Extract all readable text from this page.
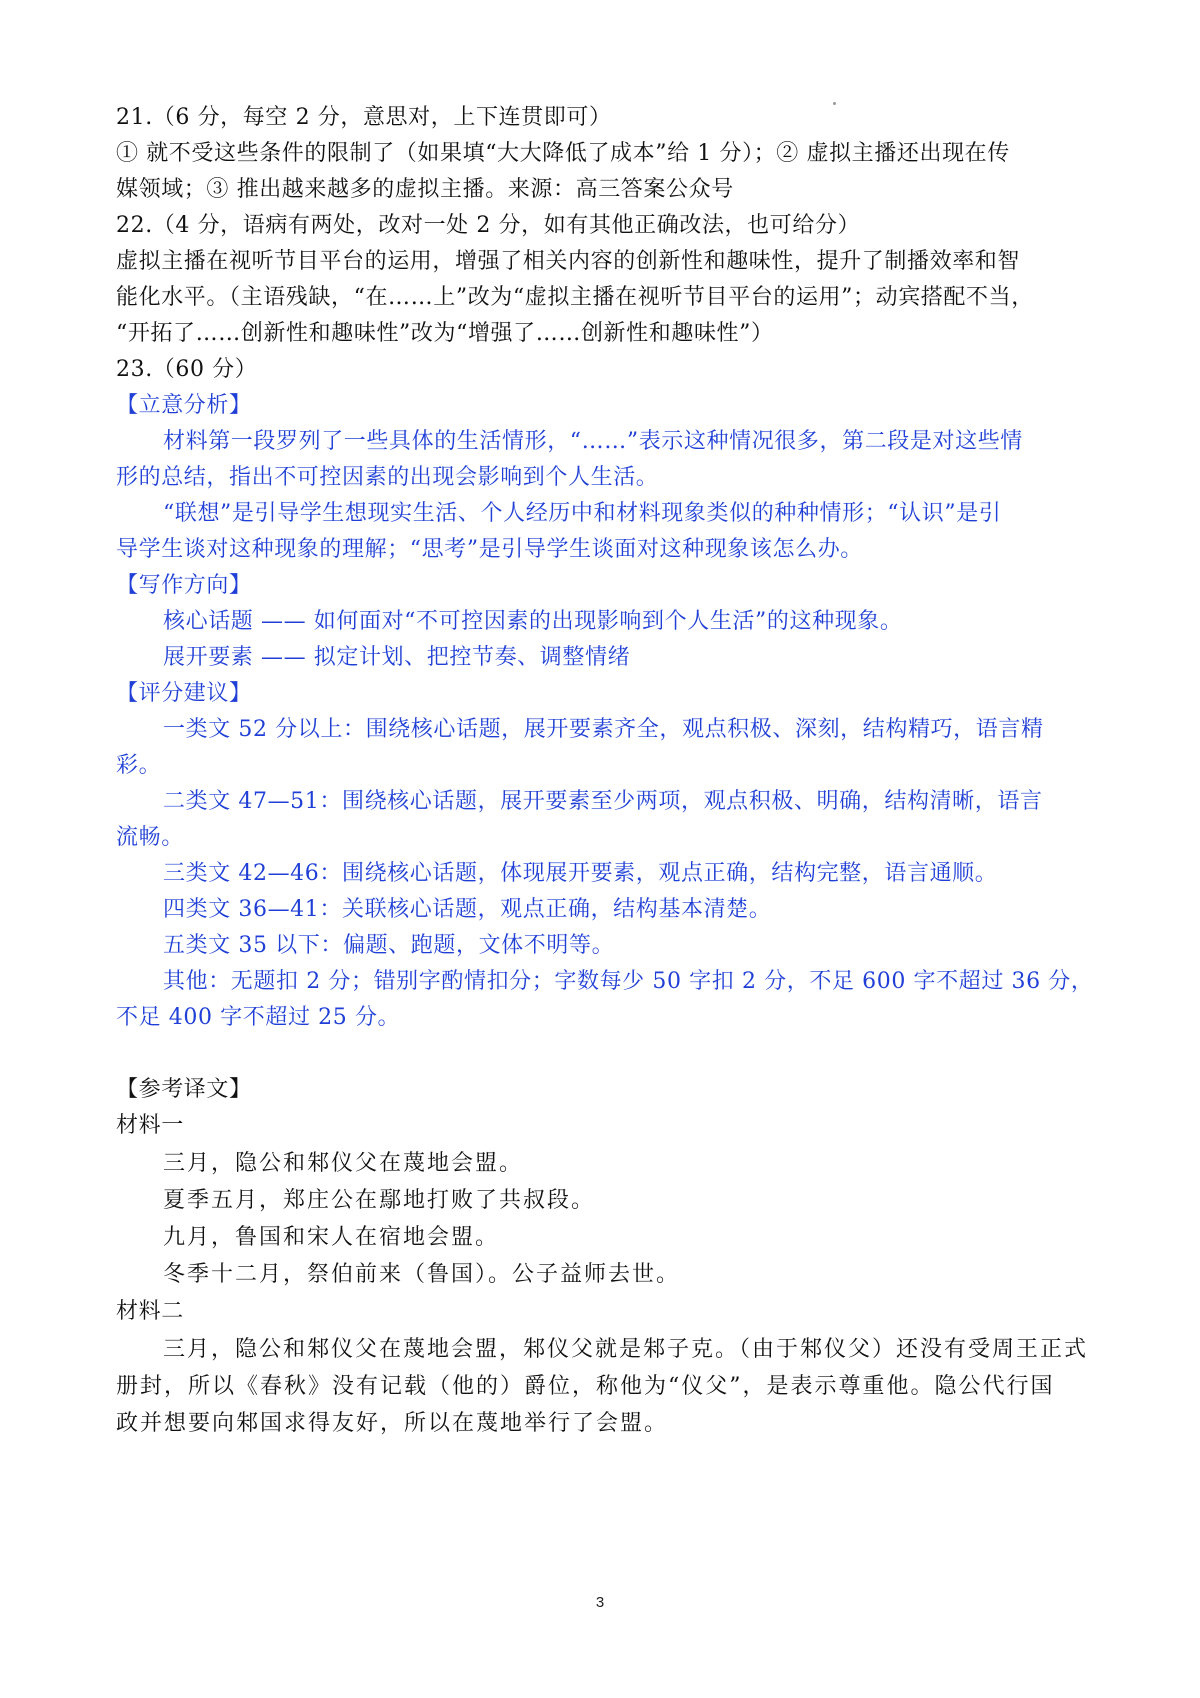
21.（6 分，每空 2 分，意思对，上下连贯即可）
① 就不受这些条件的限制了（如果填“大大降低了成本”给 1 分）；② 虚拟主播还出现在传
媒领域；③ 推出越来越多的虚拟主播。来源：高三答案公众号
22.（4 分，语病有两处，改对一处 2 分，如有其他正确改法，也可给分）
虚拟主播在视听节目平台的运用，增强了相关内容的创新性和趣味性，提升了制播效率和智
能化水平。（主语残缺，“在……上”改为“虚拟主播在视听节目平台的运用”；动宾搭配不当，
“开拓了……创新性和趣味性”改为“增强了……创新性和趣味性”）
23.（60 分）
【立意分析】
材料第一段罗列了一些具体的生活情形，“……”表示这种情况很多，第二段是对这些情
形的总结，指出不可控因素的出现会影响到个人生活。
“联想”是引导学生想现实生活、个人经历中和材料现象类似的种种情形；“认识”是引
导学生谈对这种现象的理解；“思考”是引导学生谈面对这种现象该怎么办。
【写作方向】
核心话题 —— 如何面对“不可控因素的出现影响到个人生活”的这种现象。
展开要素 —— 拟定计划、把控节奏、调整情绪
【评分建议】
一类文 52 分以上：围绕核心话题，展开要素齐全，观点积极、深刻，结构精巧，语言精
彩。
二类文 47—51：围绕核心话题，展开要素至少两项，观点积极、明确，结构清晰，语言
流畅。
三类文 42—46：围绕核心话题，体现展开要素，观点正确，结构完整，语言通顺。
四类文 36—41：关联核心话题，观点正确，结构基本清楚。
五类文 35 以下：偏题、跑题，文体不明等。
其他：无题扣 2 分；错别字酌情扣分；字数每少 50 字扣 2 分，不足 600 字不超过 36 分，
不足 400 字不超过 25 分。
【参考译文】
材料一
三月，隐公和邾仪父在蔑地会盟。
夏季五月，郑庄公在鄢地打败了共叔段。
九月，鲁国和宋人在宿地会盟。
冬季十二月，祭伯前来（鲁国）。公子益师去世。
材料二
三月，隐公和邾仪父在蔑地会盟，邾仪父就是邾子克。（由于邾仪父）还没有受周王正式
册封，所以《春秋》没有记载（他的）爵位，称他为“仪父”，是表示尊重他。隐公代行国
政并想要向邾国求得友好，所以在蔑地举行了会盟。
3
